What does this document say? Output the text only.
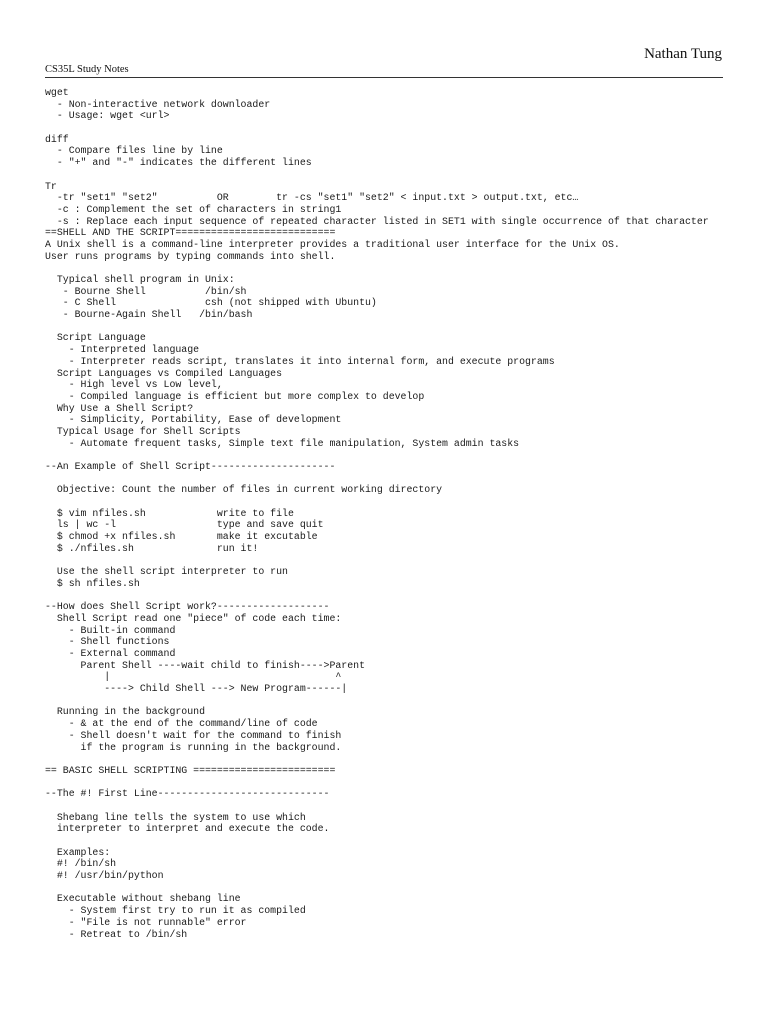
Nathan Tung
CS35L Study Notes
wget
- Non-interactive network downloader
- Usage: wget <url>
diff
- Compare files line by line
- "+" and "-" indicates the different lines
Tr
-tr "set1" "set2"          OR        tr -cs "set1" "set2" < input.txt > output.txt, etc…
-c : Complement the set of characters in string1
-s : Replace each input sequence of repeated character listed in SET1 with single occurrence of that character
==SHELL AND THE SCRIPT===========================
A Unix shell is a command-line interpreter provides a traditional user interface for the Unix OS.
User runs programs by typing commands into shell.
Typical shell program in Unix:
- Bourne Shell          /bin/sh
- C Shell               csh (not shipped with Ubuntu)
- Bourne-Again Shell   /bin/bash
Script Language
- Interpreted language
- Interpreter reads script, translates it into internal form, and execute programs
Script Languages vs Compiled Languages
- High level vs Low level,
- Compiled language is efficient but more complex to develop
Why Use a Shell Script?
- Simplicity, Portability, Ease of development
Typical Usage for Shell Scripts
- Automate frequent tasks, Simple text file manipulation, System admin tasks
--An Example of Shell Script---------------------
Objective: Count the number of files in current working directory
$ vim nfiles.sh            write to file
ls | wc -l                 type and save quit
$ chmod +x nfiles.sh       make it excutable
$ ./nfiles.sh              run it!
Use the shell script interpreter to run
$ sh nfiles.sh
--How does Shell Script work?-------------------
Shell Script read one "piece" of code each time:
- Built-in command
- Shell functions
- External command
Parent Shell ----wait child to finish---->Parent
|                                      ^
----> Child Shell ---> New Program------|
Running in the background
- & at the end of the command/line of code
- Shell doesn't wait for the command to finish
if the program is running in the background.
== BASIC SHELL SCRIPTING ========================
--The #! First Line-----------------------------
Shebang line tells the system to use which
interpreter to interpret and execute the code.
Examples:
#! /bin/sh
#! /usr/bin/python
Executable without shebang line
- System first try to run it as compiled
- "File is not runnable" error
- Retreat to /bin/sh
